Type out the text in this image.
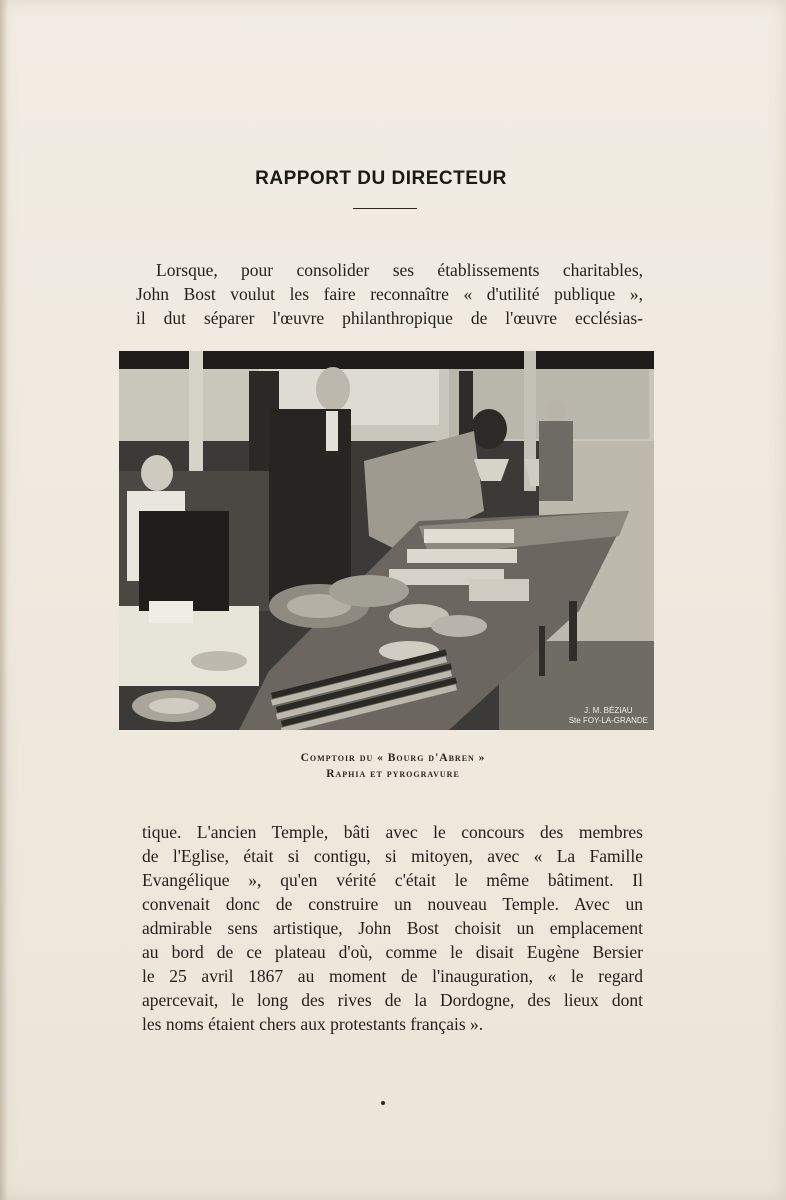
RAPPORT DU DIRECTEUR
Lorsque, pour consolider ses établissements charitables,
John Bost voulut les faire reconnaître « d'utilité publique »,
il dut séparer l'œuvre philanthropique de l'œuvre ecclésias-
J. M. BÉZIAU
Ste FOY-LA-GRANDE
Comptoir du « Bourg d'Abren »
Raphia et pyrogravure
tique. L'ancien Temple, bâti avec le concours des membres
de l'Eglise, était si contigu, si mitoyen, avec « La Famille
Evangélique », qu'en vérité c'était le même bâtiment. Il
convenait donc de construire un nouveau Temple. Avec un
admirable sens artistique, John Bost choisit un emplacement
au bord de ce plateau d'où, comme le disait Eugène Bersier
le 25 avril 1867 au moment de l'inauguration, « le regard
apercevait, le long des rives de la Dordogne, des lieux dont
les noms étaient chers aux protestants français ».
